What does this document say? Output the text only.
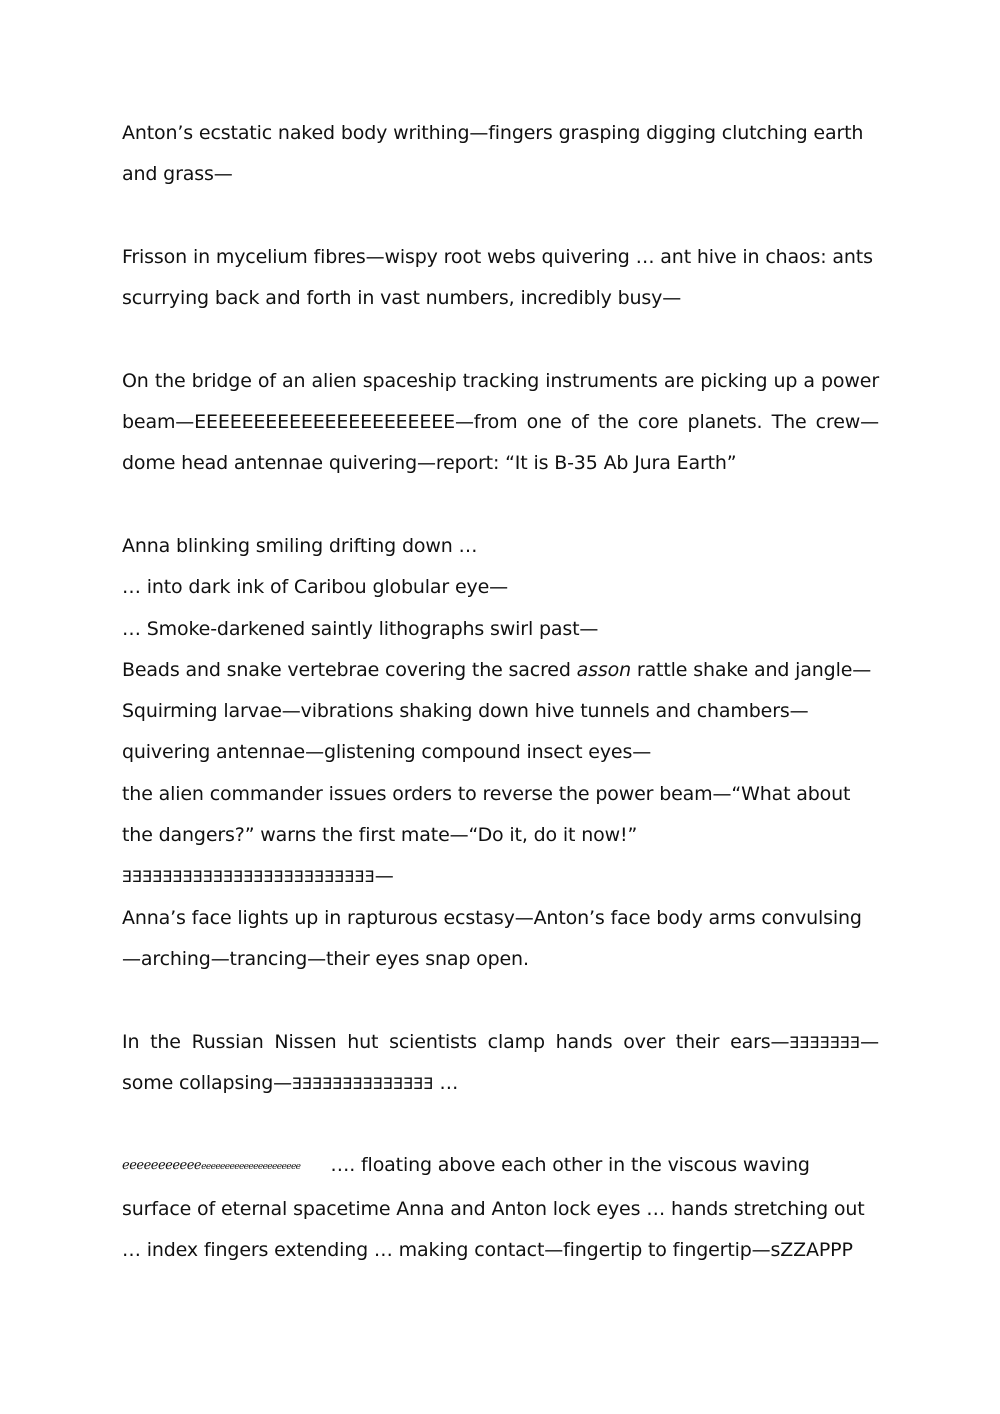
Anton’s ecstatic naked body writhing—fingers grasping digging clutching earth and grass—

Frisson in mycelium fibres—wispy root webs quivering … ant hive in chaos: ants scurrying back and forth in vast numbers, incredibly busy—

On the bridge of an alien spaceship tracking instruments are picking up a power beam—EEEEEEEEEEEEEEEEEEEEEE—from one of the core planets. The crew—dome head antennae quivering—report: “It is B-35 Ab Jura Earth”

Anna blinking smiling drifting down …
… into dark ink of Caribou globular eye—
… Smoke-darkened saintly lithographs swirl past—
Beads and snake vertebrae covering the sacred asson rattle shake and jangle—

Squirming larvae—vibrations shaking down hive tunnels and chambers—quivering antennae—glistening compound insect eyes—

the alien commander issues orders to reverse the power beam—“What about the dangers?” warns the first mate—“Do it, do it now!” ƎƎƎƎƎƎƎƎƎƎƎƎƎƎƎƎƎƎƎƎƎƎƎƎƎ—

Anna’s face lights up in rapturous ecstasy—Anton’s face body arms convulsing—arching—trancing—their eyes snap open.

In the Russian Nissen hut scientists clamp hands over their ears—ƎƎƎƎƎƎƎ—some collapsing—ƎƎƎƎƎƎƎƎƎƎƎƎƎƎ …

ℯℯℯℯℯℯℯℯℯℯℯℯℯℯℯℯℯℯℯℯℯℯℯℯℯℯℯℯℯℯℯℯ …. floating above each other in the viscous waving surface of eternal spacetime Anna and Anton lock eyes … hands stretching out … index fingers extending … making contact—fingertip to fingertip—sZZAPPP
